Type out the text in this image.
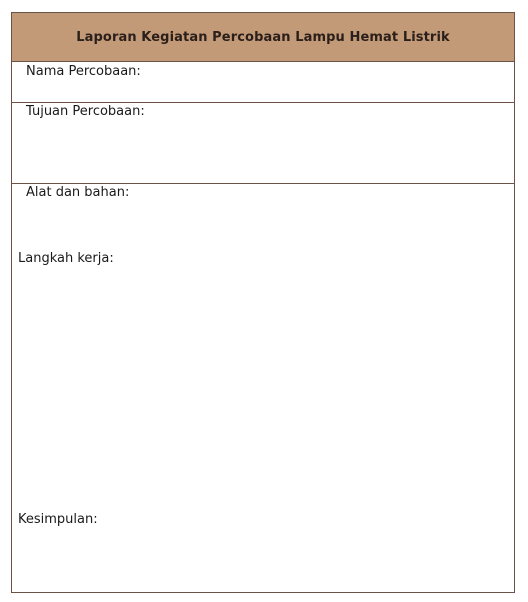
Laporan Kegiatan Percobaan Lampu Hemat Listrik
Nama Percobaan:
Tujuan Percobaan:
Alat dan bahan:
Langkah kerja:
Kesimpulan:
